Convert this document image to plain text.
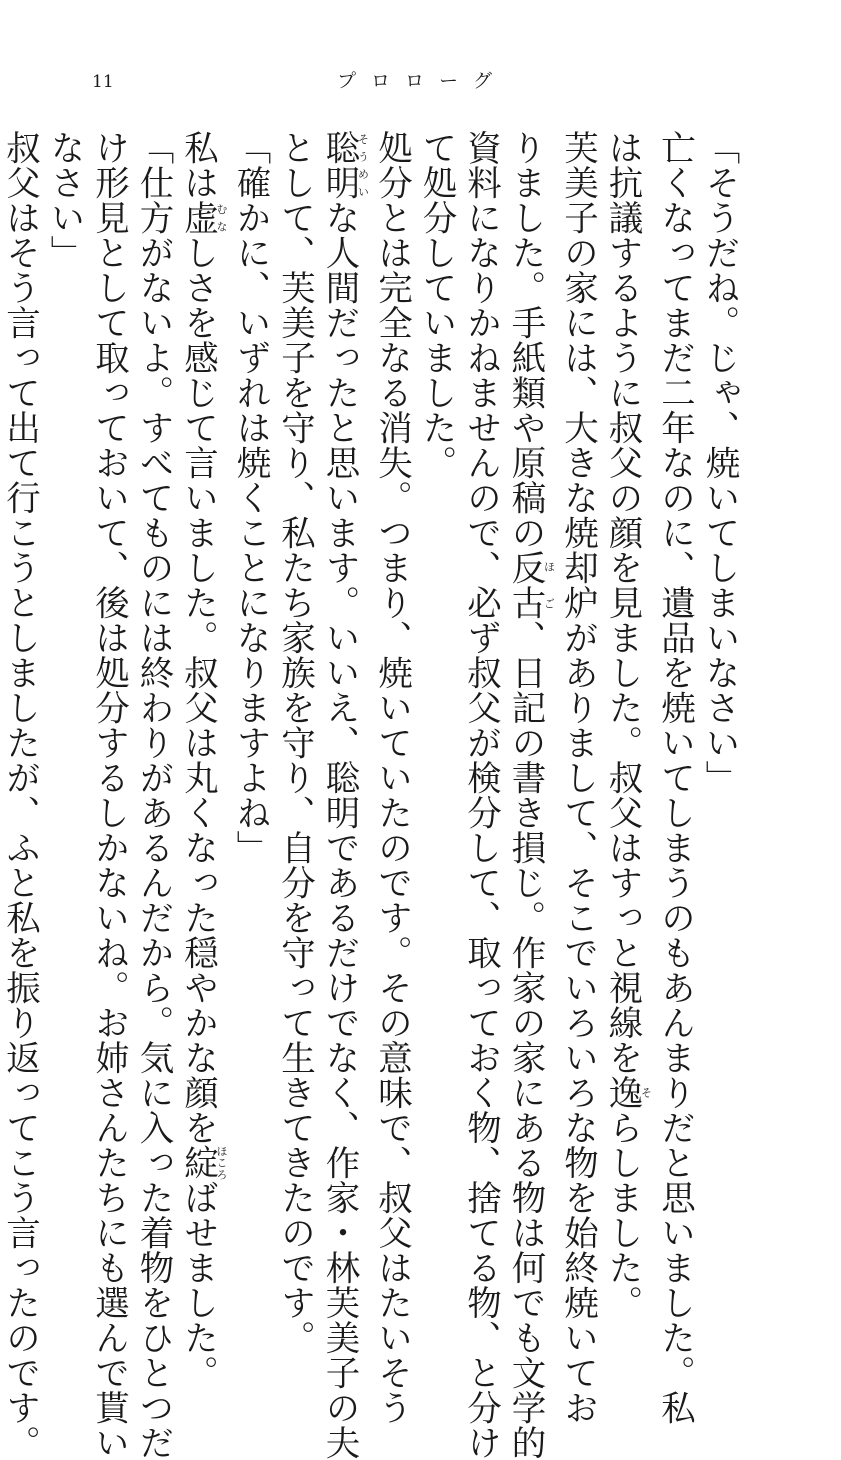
11	プロローグ
「そうだね。じゃ、焼いてしまいなさい」
亡くなってまだ二年なのに、遺品を焼いてしまうのもあんまりだと思いました。私
は抗議するように叔父の顔を見ました。叔父はすっと視線を逸そらしました。
芙美子の家には、大きな焼却炉がありまして、そこでいろいろな物を始終焼いてお
りました。手紙類や原稿の反古ほご、日記の書き損じ。作家の家にある物は何でも文学的
資料になりかねませんので、必ず叔父が検分して、取っておく物、捨てる物、と分け
て処分していました。
処分とは完全なる消失。つまり、焼いていたのです。その意味で、叔父はたいそう
聡明そうめいな人間だったと思います。いいえ、聡明であるだけでなく、作家・林芙美子の夫
として、芙美子を守り、私たち家族を守り、自分を守って生きてきたのです。
「確かに、いずれは焼くことになりますよね」
私は虚むなしさを感じて言いました。叔父は丸くなった穏やかな顔を綻ほころばせました。
「仕方がないよ。すべてものには終わりがあるんだから。気に入った着物をひとつだ
け形見として取っておいて、後は処分するしかないね。お姉さんたちにも選んで貰い
なさい」
叔父はそう言って出て行こうとしましたが、ふと私を振り返ってこう言ったのです。
